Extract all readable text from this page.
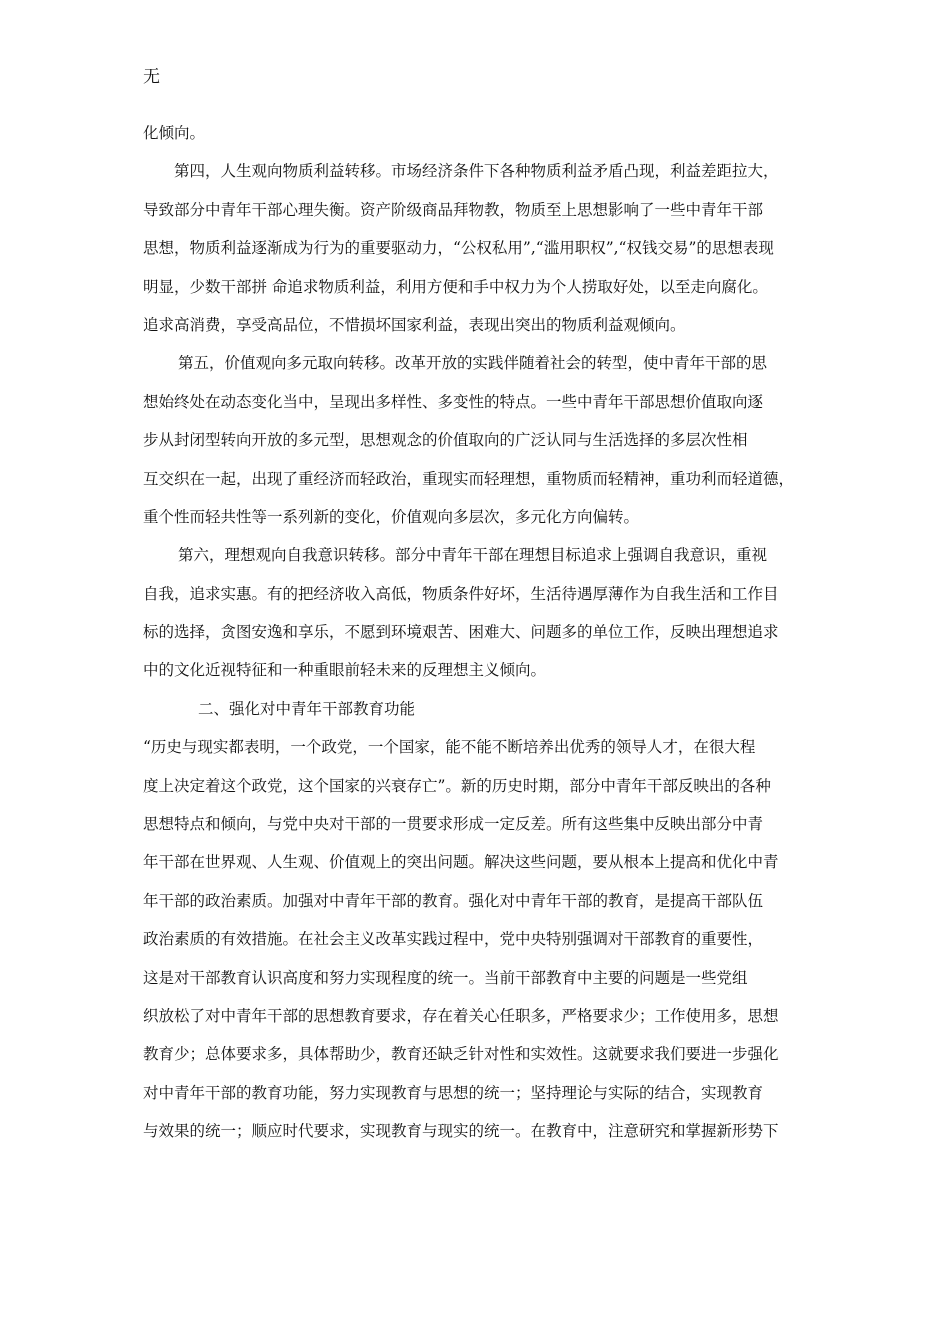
无

化倾向。
第四，人生观向物质利益转移。市场经济条件下各种物质利益矛盾凸现，利益差距拉大，
导致部分中青年干部心理失衡。资产阶级商品拜物教，物质至上思想影响了一些中青年干部
思想，物质利益逐渐成为行为的重要驱动力，“公权私用”,“滥用职权”,“权钱交易”的思想表现
明显，少数干部拼 命追求物质利益，利用方便和手中权力为个人捞取好处，以至走向腐化。
追求高消费，享受高品位，不惜损坏国家利益，表现出突出的物质利益观倾向。
第五，价值观向多元取向转移。改革开放的实践伴随着社会的转型，使中青年干部的思
想始终处在动态变化当中，呈现出多样性、多变性的特点。一些中青年干部思想价值取向逐
步从封闭型转向开放的多元型，思想观念的价值取向的广泛认同与生活选择的多层次性相
互交织在一起，出现了重经济而轻政治，重现实而轻理想，重物质而轻精神，重功利而轻道德，
重个性而轻共性等一系列新的变化，价值观向多层次，多元化方向偏转。
第六，理想观向自我意识转移。部分中青年干部在理想目标追求上强调自我意识，重视
自我，追求实惠。有的把经济收入高低，物质条件好坏，生活待遇厚薄作为自我生活和工作目
标的选择，贪图安逸和享乐，不愿到环境艰苦、困难大、问题多的单位工作，反映出理想追求
中的文化近视特征和一种重眼前轻未来的反理想主义倾向。
二、强化对中青年干部教育功能
“历史与现实都表明，一个政党，一个国家，能不能不断培养出优秀的领导人才，在很大程
度上决定着这个政党，这个国家的兴衰存亡”。新的历史时期，部分中青年干部反映出的各种
思想特点和倾向，与党中央对干部的一贯要求形成一定反差。所有这些集中反映出部分中青
年干部在世界观、人生观、价值观上的突出问题。解决这些问题，要从根本上提高和优化中青
年干部的政治素质。加强对中青年干部的教育。强化对中青年干部的教育，是提高干部队伍
政治素质的有效措施。在社会主义改革实践过程中，党中央特别强调对干部教育的重要性，
这是对干部教育认识高度和努力实现程度的统一。当前干部教育中主要的问题是一些党组
织放松了对中青年干部的思想教育要求，存在着关心任职多，严格要求少；工作使用多，思想
教育少；总体要求多，具体帮助少，教育还缺乏针对性和实效性。这就要求我们要进一步强化
对中青年干部的教育功能，努力实现教育与思想的统一；坚持理论与实际的结合，实现教育
与效果的统一；顺应时代要求，实现教育与现实的统一。在教育中，注意研究和掌握新形势下
